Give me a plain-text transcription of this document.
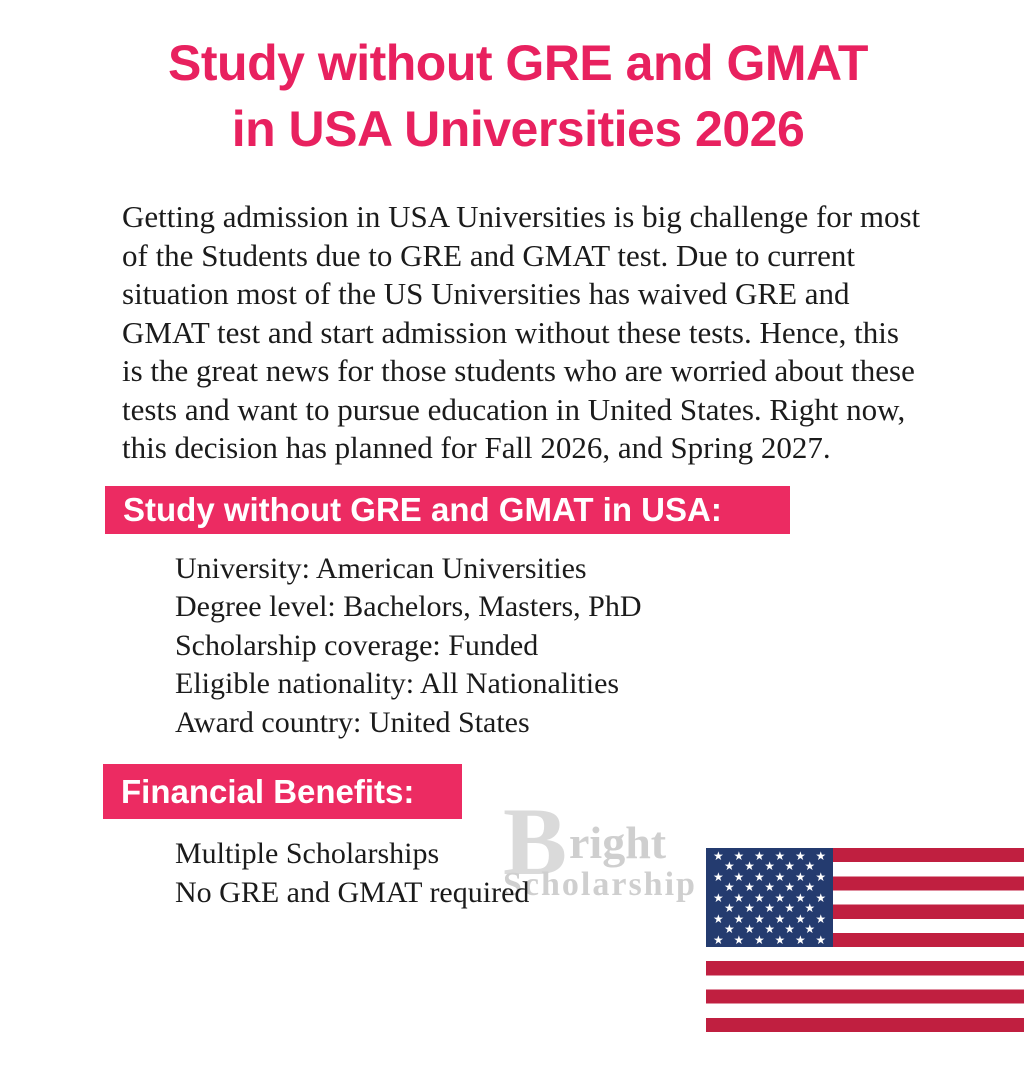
Study without GRE and GMAT
in USA Universities 2026

Getting admission in USA Universities is big challenge for most of the Students due to GRE and GMAT test. Due to current situation most of the US Universities has waived GRE and GMAT test and start admission without these tests. Hence, this is the great news for those students who are worried about these tests and want to pursue education in United States. Right now, this decision has planned for Fall 2026, and Spring 2027.

Study without GRE and GMAT in USA:
University: American Universities
Degree level: Bachelors, Masters, PhD
Scholarship coverage: Funded
Eligible nationality: All Nationalities
Award country: United States
B right
Scholarship
Financial Benefits:
Multiple Scholarships
No GRE and GMAT required
★ ★ ★ ★ ★ ★
★ ★ ★ ★ ★
★ ★ ★ ★ ★ ★
★ ★ ★ ★ ★
★ ★ ★ ★ ★ ★
★ ★ ★ ★ ★
★ ★ ★ ★ ★ ★
★ ★ ★ ★ ★
★ ★ ★ ★ ★ ★
